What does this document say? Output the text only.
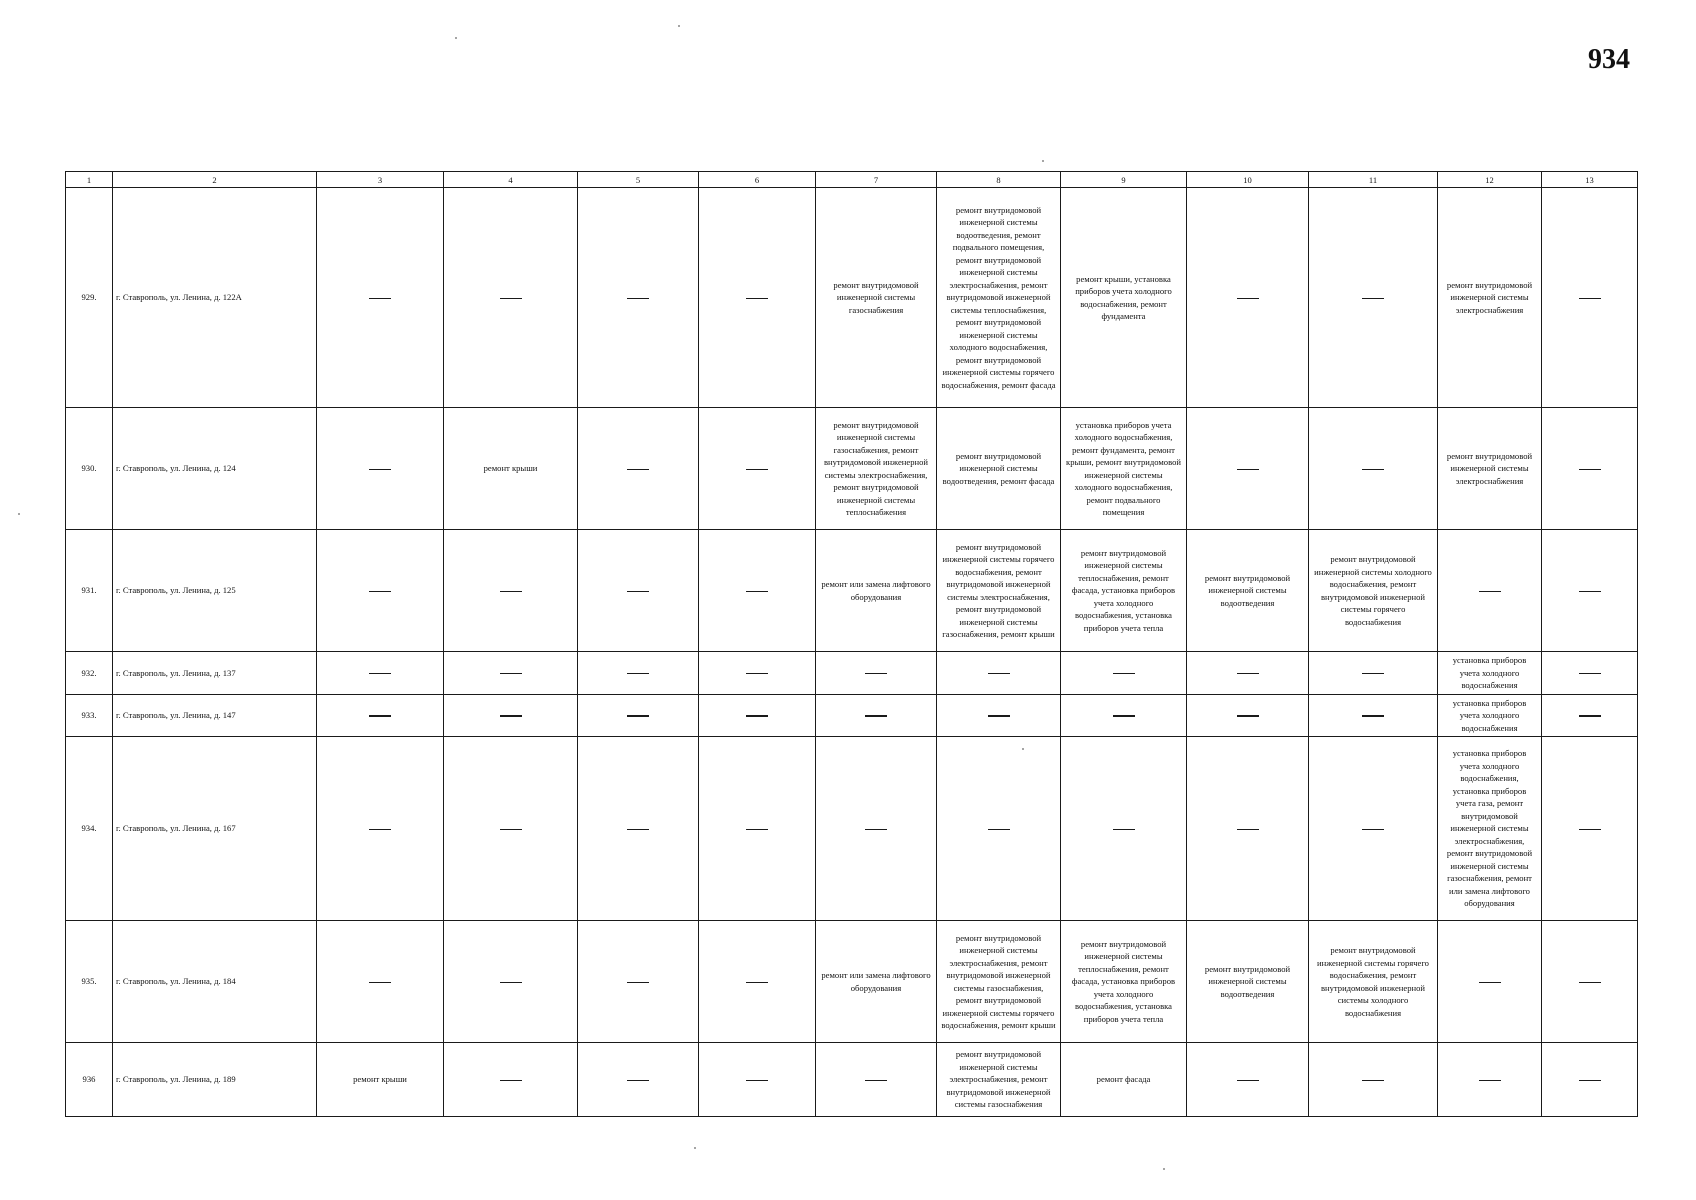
934
1	2	3	4	5	6	7	8	9	10	11	12	13
929.	г. Ставрополь, ул. Ленина, д. 122А					ремонт внутридомовой инженерной системы газоснабжения	ремонт внутридомовой инженерной системы водоотведения, ремонт подвального помещения, ремонт внутридомовой инженерной системы электроснабжения, ремонт внутридомовой инженерной системы теплоснабжения, ремонт внутридомовой инженерной системы холодного водоснабжения, ремонт внутридомовой инженерной системы горячего водоснабжения, ремонт фасада	ремонт крыши, установка приборов учета холодного водоснабжения, ремонт фундамента			ремонт внутридомовой инженерной системы электроснабжения	
930.	г. Ставрополь, ул. Ленина, д. 124		ремонт крыши			ремонт внутридомовой инженерной системы газоснабжения, ремонт внутридомовой инженерной системы электроснабжения, ремонт внутридомовой инженерной системы теплоснабжения	ремонт внутридомовой инженерной системы водоотведения, ремонт фасада	установка приборов учета холодного водоснабжения, ремонт фундамента, ремонт крыши, ремонт внутридомовой инженерной системы холодного водоснабжения, ремонт подвального помещения			ремонт внутридомовой инженерной системы электроснабжения	
931.	г. Ставрополь, ул. Ленина, д. 125					ремонт или замена лифтового оборудования	ремонт внутридомовой инженерной системы горячего водоснабжения, ремонт внутридомовой инженерной системы электроснабжения, ремонт внутридомовой инженерной системы газоснабжения, ремонт крыши	ремонт внутридомовой инженерной системы теплоснабжения, ремонт фасада, установка приборов учета холодного водоснабжения, установка приборов учета тепла	ремонт внутридомовой инженерной системы водоотведения	ремонт внутридомовой инженерной системы холодного водоснабжения, ремонт внутридомовой инженерной системы горячего водоснабжения		
932.	г. Ставрополь, ул. Ленина, д. 137										установка приборов учета холодного водоснабжения	
933.	г. Ставрополь, ул. Ленина, д. 147										установка приборов учета холодного водоснабжения	
934.	г. Ставрополь, ул. Ленина, д. 167										установка приборов учета холодного водоснабжения, установка приборов учета газа, ремонт внутридомовой инженерной системы электроснабжения, ремонт внутридомовой инженерной системы газоснабжения, ремонт или замена лифтового оборудования	
935.	г. Ставрополь, ул. Ленина, д. 184					ремонт или замена лифтового оборудования	ремонт внутридомовой инженерной системы электроснабжения, ремонт внутридомовой инженерной системы газоснабжения, ремонт внутридомовой инженерной системы горячего водоснабжения, ремонт крыши	ремонт внутридомовой инженерной системы теплоснабжения, ремонт фасада, установка приборов учета холодного водоснабжения, установка приборов учета тепла	ремонт внутридомовой инженерной системы водоотведения	ремонт внутридомовой инженерной системы горячего водоснабжения, ремонт внутридомовой инженерной системы холодного водоснабжения		
936	г. Ставрополь, ул. Ленина, д. 189	ремонт крыши					ремонт внутридомовой инженерной системы электроснабжения, ремонт внутридомовой инженерной системы газоснабжения	ремонт фасада				
